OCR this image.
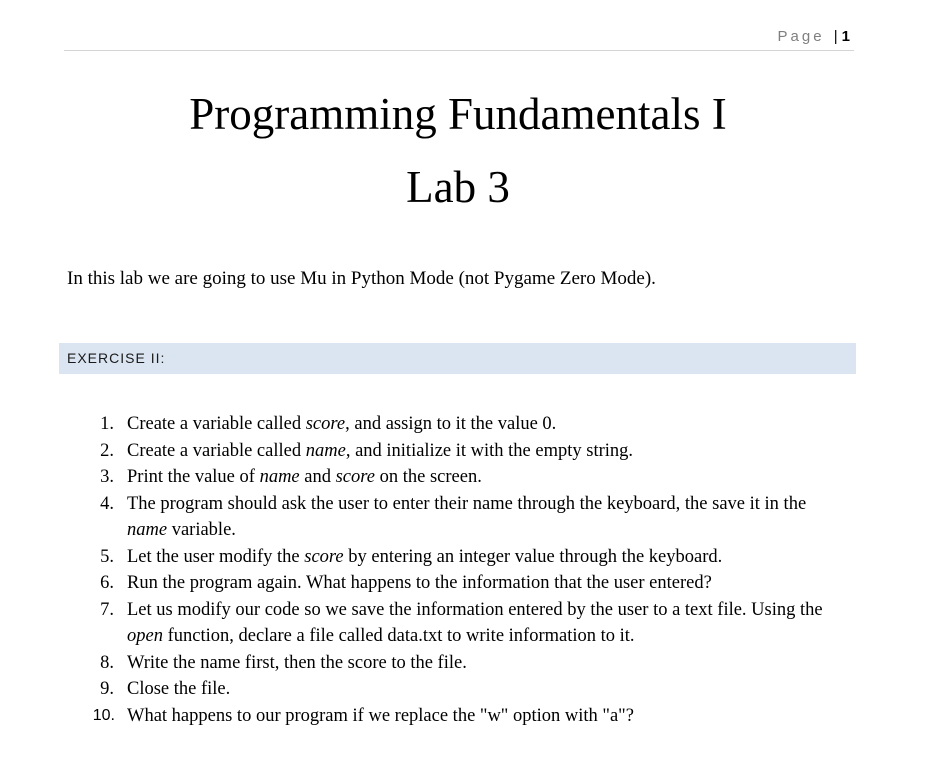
Page | 1
Programming Fundamentals I
Lab 3
In this lab we are going to use Mu in Python Mode (not Pygame Zero Mode).
EXERCISE II:
1. Create a variable called score, and assign to it the value 0.
2. Create a variable called name, and initialize it with the empty string.
3. Print the value of name and score on the screen.
4. The program should ask the user to enter their name through the keyboard, the save it in the name variable.
5. Let the user modify the score by entering an integer value through the keyboard.
6. Run the program again. What happens to the information that the user entered?
7. Let us modify our code so we save the information entered by the user to a text file. Using the open function, declare a file called data.txt to write information to it.
8. Write the name first, then the score to the file.
9. Close the file.
10. What happens to our program if we replace the "w" option with "a"?
